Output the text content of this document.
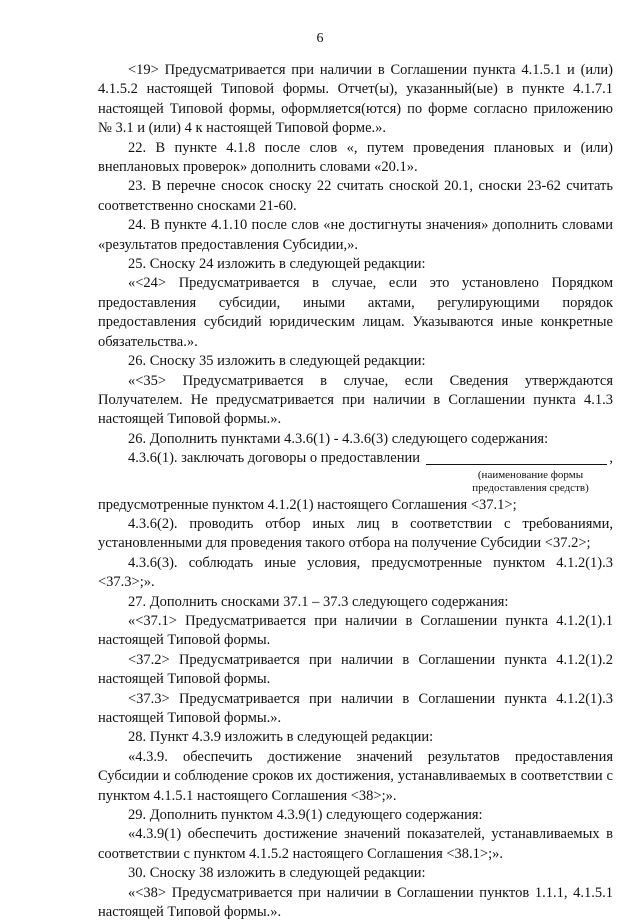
6

<19> Предусматривается при наличии в Соглашении пункта 4.1.5.1 и (или) 4.1.5.2 настоящей Типовой формы. Отчет(ы), указанный(ые) в пункте 4.1.7.1 настоящей Типовой формы, оформляется(ются) по форме согласно приложению № 3.1 и (или) 4 к настоящей Типовой форме.».

22. В пункте 4.1.8 после слов «, путем проведения плановых и (или) внеплановых проверок» дополнить словами «20.1».

23. В перечне сносок сноску 22 считать сноской 20.1, сноски 23-62 считать соответственно сносками 21-60.

24. В пункте 4.1.10 после слов «не достигнуты значения» дополнить словами «результатов предоставления Субсидии,».

25. Сноску 24 изложить в следующей редакции:

«<24> Предусматривается в случае, если это установлено Порядком предоставления субсидии, иными актами, регулирующими порядок предоставления субсидий юридическим лицам. Указываются иные конкретные обязательства.».

26. Сноску 35 изложить в следующей редакции:

«<35> Предусматривается в случае, если Сведения утверждаются Получателем. Не предусматривается при наличии в Соглашении пункта 4.1.3 настоящей Типовой формы.».

26. Дополнить пунктами 4.3.6(1) - 4.3.6(3) следующего содержания:

4.3.6(1). заключать договоры о предоставлении	,
(наименование формы
предоставления средств)

предусмотренные пунктом 4.1.2(1) настоящего Соглашения <37.1>;

4.3.6(2). проводить отбор иных лиц в соответствии с требованиями, установленными для проведения такого отбора на получение Субсидии <37.2>;

4.3.6(3). соблюдать иные условия, предусмотренные пунктом 4.1.2(1).3 <37.3>;».

27. Дополнить сносками 37.1 – 37.3 следующего содержания:

«<37.1> Предусматривается при наличии в Соглашении пункта 4.1.2(1).1 настоящей Типовой формы.

<37.2> Предусматривается при наличии в Соглашении пункта 4.1.2(1).2 настоящей Типовой формы.

<37.3> Предусматривается при наличии в Соглашении пункта 4.1.2(1).3 настоящей Типовой формы.».

28. Пункт 4.3.9 изложить в следующей редакции:

«4.3.9. обеспечить достижение значений результатов предоставления Субсидии и соблюдение сроков их достижения, устанавливаемых в соответствии с пунктом 4.1.5.1 настоящего Соглашения <38>;».

29. Дополнить пунктом 4.3.9(1) следующего содержания:

«4.3.9(1) обеспечить достижение значений показателей, устанавливаемых в соответствии с пунктом 4.1.5.2 настоящего Соглашения <38.1>;».

30. Сноску 38 изложить в следующей редакции:

«<38> Предусматривается при наличии в Соглашении пунктов 1.1.1, 4.1.5.1 настоящей Типовой формы.».
